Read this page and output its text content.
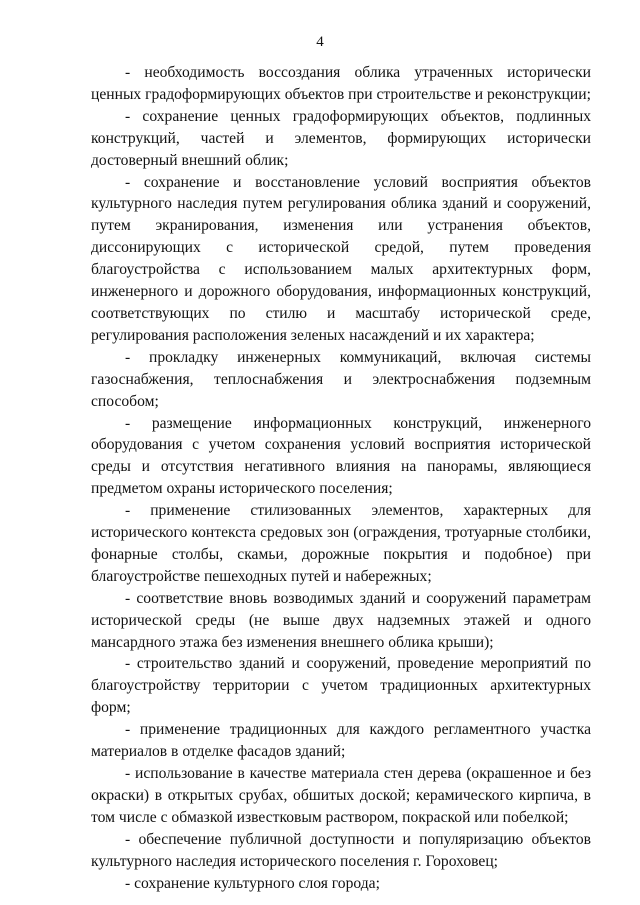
4

- необходимость воссоздания облика утраченных исторически ценных градоформирующих объектов при строительстве и реконструкции;

- сохранение ценных градоформирующих объектов, подлинных конструкций, частей и элементов, формирующих исторически достоверный внешний облик;

- сохранение и восстановление условий восприятия объектов культурного наследия путем регулирования облика зданий и сооружений, путем экранирования, изменения или устранения объектов, диссонирующих с исторической средой, путем проведения благоустройства с использованием малых архитектурных форм, инженерного и дорожного оборудования, информационных конструкций, соответствующих по стилю и масштабу исторической среде, регулирования расположения зеленых насаждений и их характера;

- прокладку инженерных коммуникаций, включая системы газоснабжения, теплоснабжения и электроснабжения подземным способом;

- размещение информационных конструкций, инженерного оборудования с учетом сохранения условий восприятия исторической среды и отсутствия негативного влияния на панорамы, являющиеся предметом охраны исторического поселения;

- применение стилизованных элементов, характерных для исторического контекста средовых зон (ограждения, тротуарные столбики, фонарные столбы, скамьи, дорожные покрытия и подобное) при благоустройстве пешеходных путей и набережных;

- соответствие вновь возводимых зданий и сооружений параметрам исторической среды (не выше двух надземных этажей и одного мансардного этажа без изменения внешнего облика крыши);

- строительство зданий и сооружений, проведение мероприятий по благоустройству территории с учетом традиционных архитектурных форм;

- применение традиционных для каждого регламентного участка материалов в отделке фасадов зданий;

- использование в качестве материала стен дерева (окрашенное и без окраски) в открытых срубах, обшитых доской; керамического кирпича, в том числе с обмазкой известковым раствором, покраской или побелкой;

- обеспечение публичной доступности и популяризацию объектов культурного наследия исторического поселения г. Гороховец;

- сохранение культурного слоя города;
